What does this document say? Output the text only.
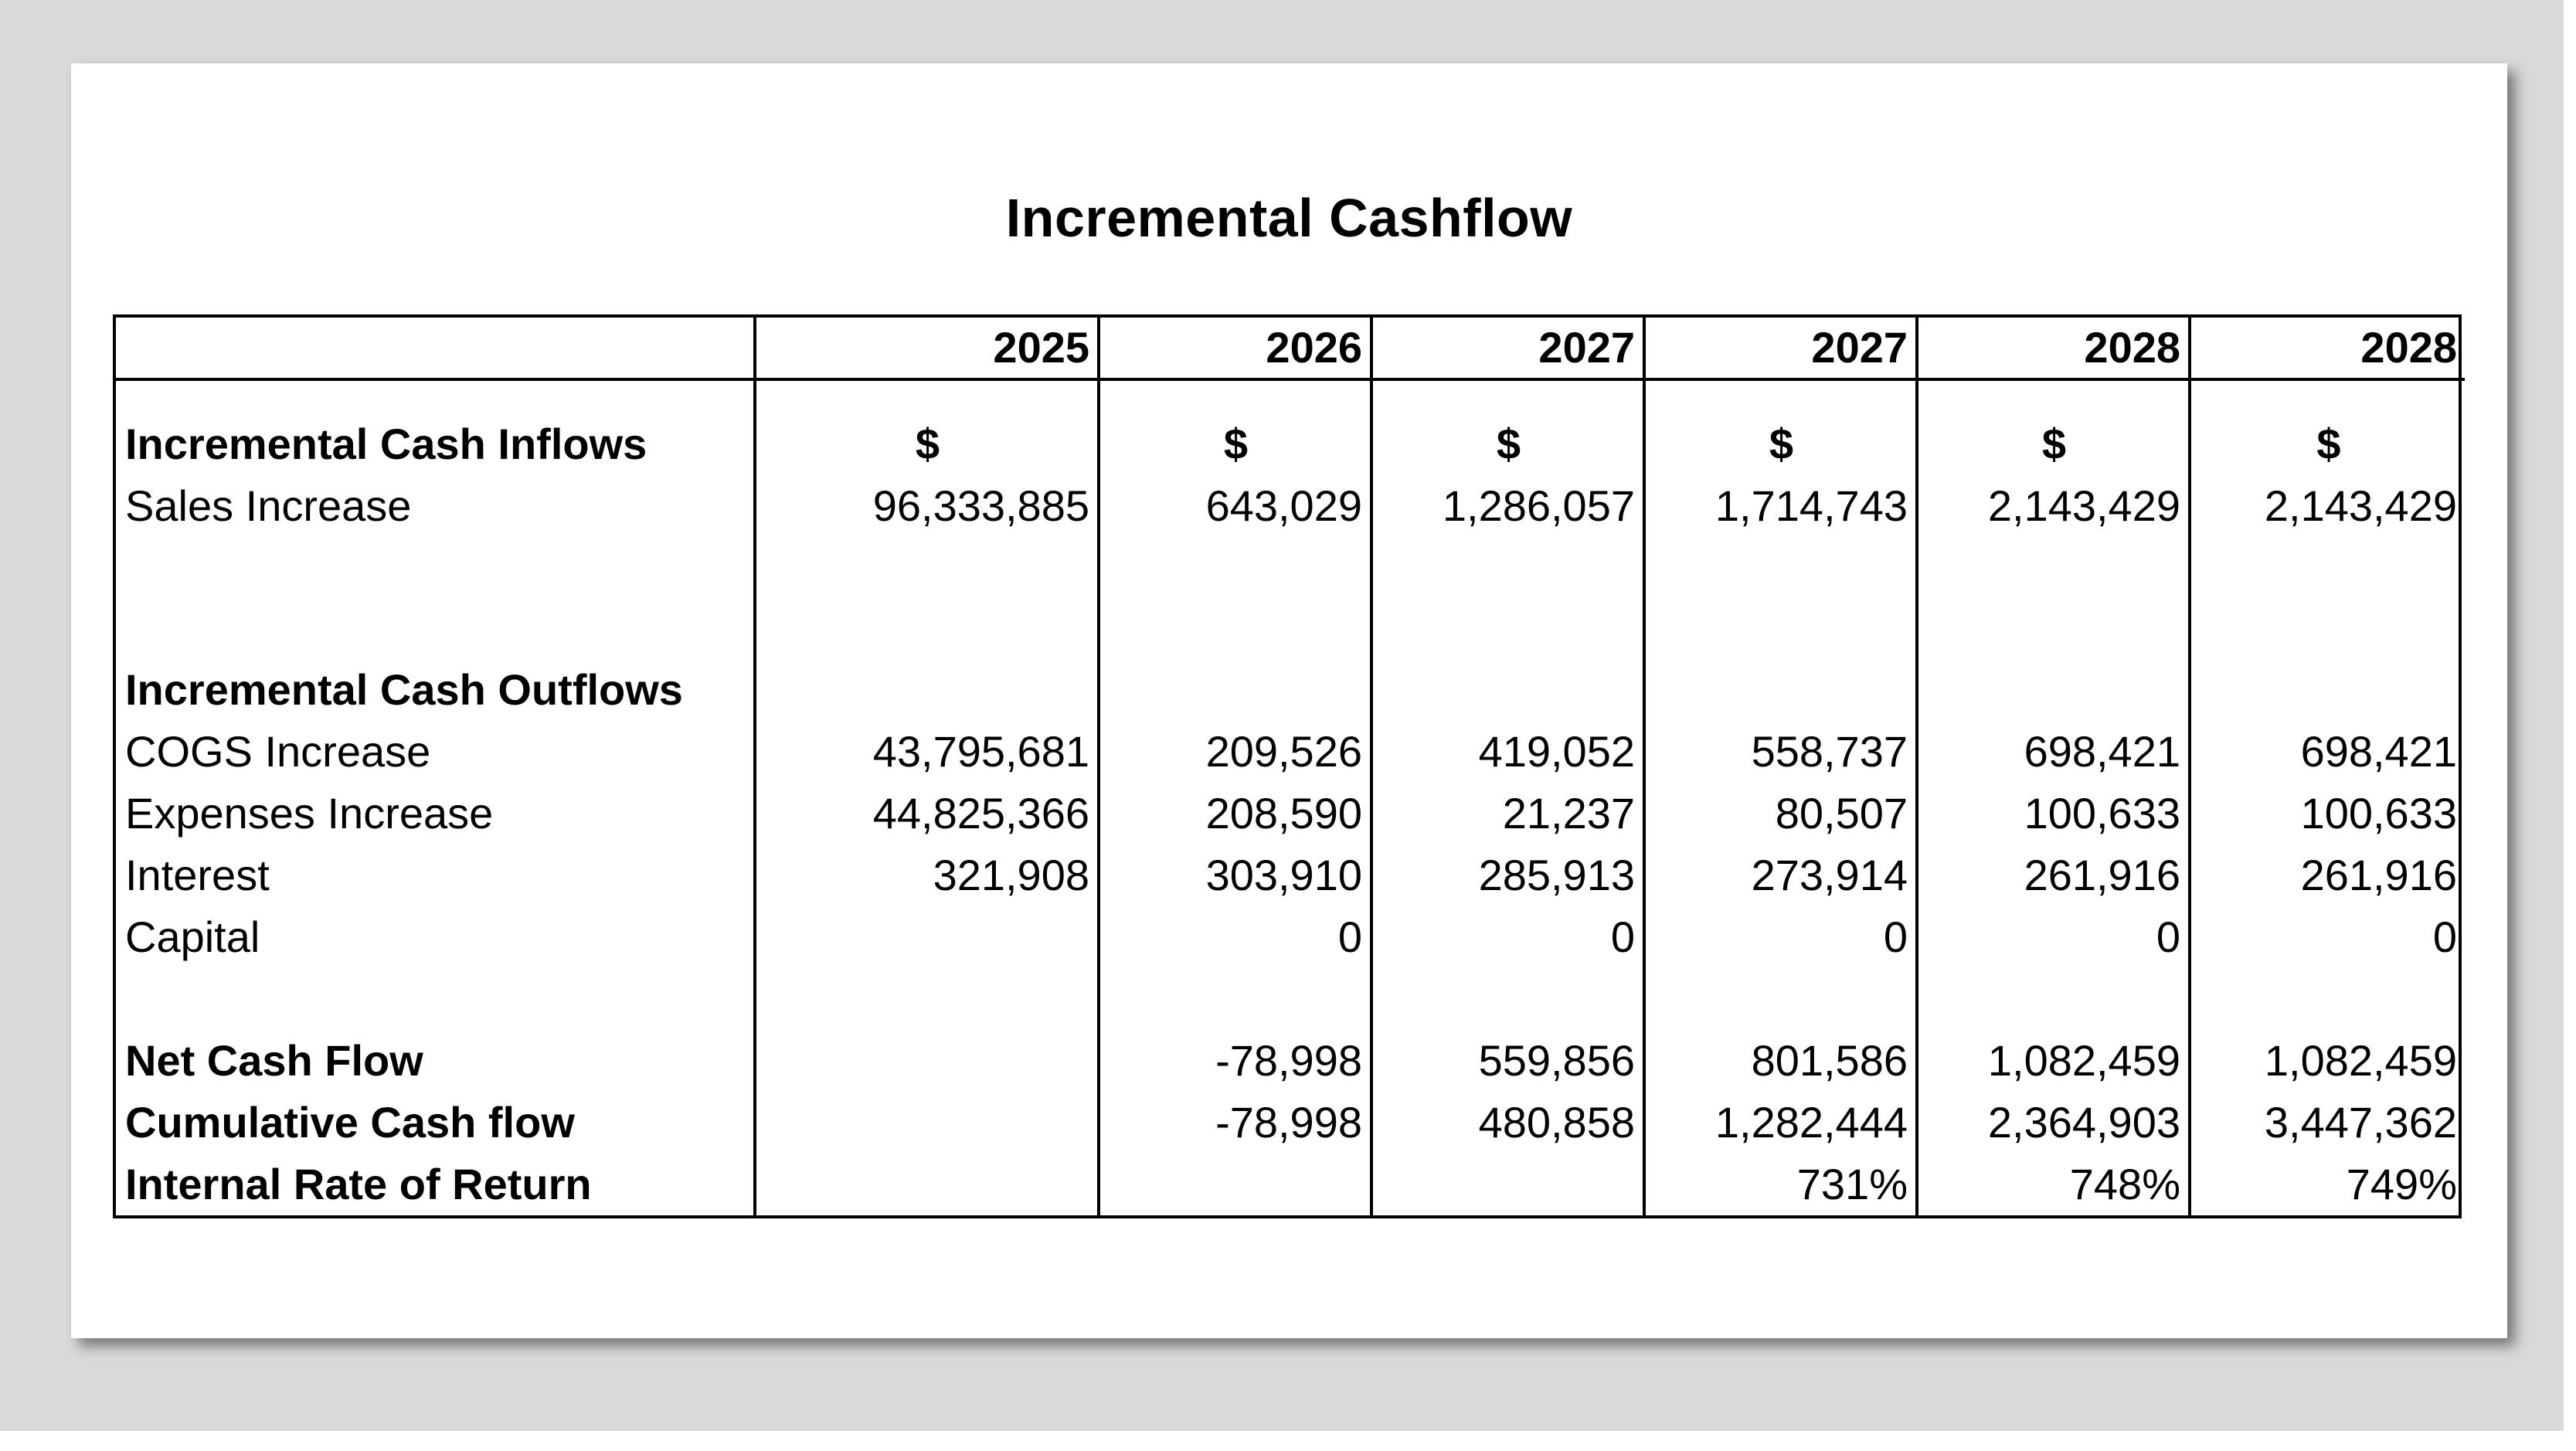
Incremental Cashflow
	2025	2026	2027	2027	2028	2028

Incremental Cash Inflows	$	$	$	$	$	$
Sales Increase	96,333,885	643,029	1,286,057	1,714,743	2,143,429	2,143,429

Incremental Cash Outflows						
COGS Increase	43,795,681	209,526	419,052	558,737	698,421	698,421
Expenses Increase	44,825,366	208,590	21,237	80,507	100,633	100,633
Interest	321,908	303,910	285,913	273,914	261,916	261,916
Capital		0	0	0	0	0

Net Cash Flow		-78,998	559,856	801,586	1,082,459	1,082,459
Cumulative Cash flow		-78,998	480,858	1,282,444	2,364,903	3,447,362
Internal Rate of Return				731%	748%	749%
